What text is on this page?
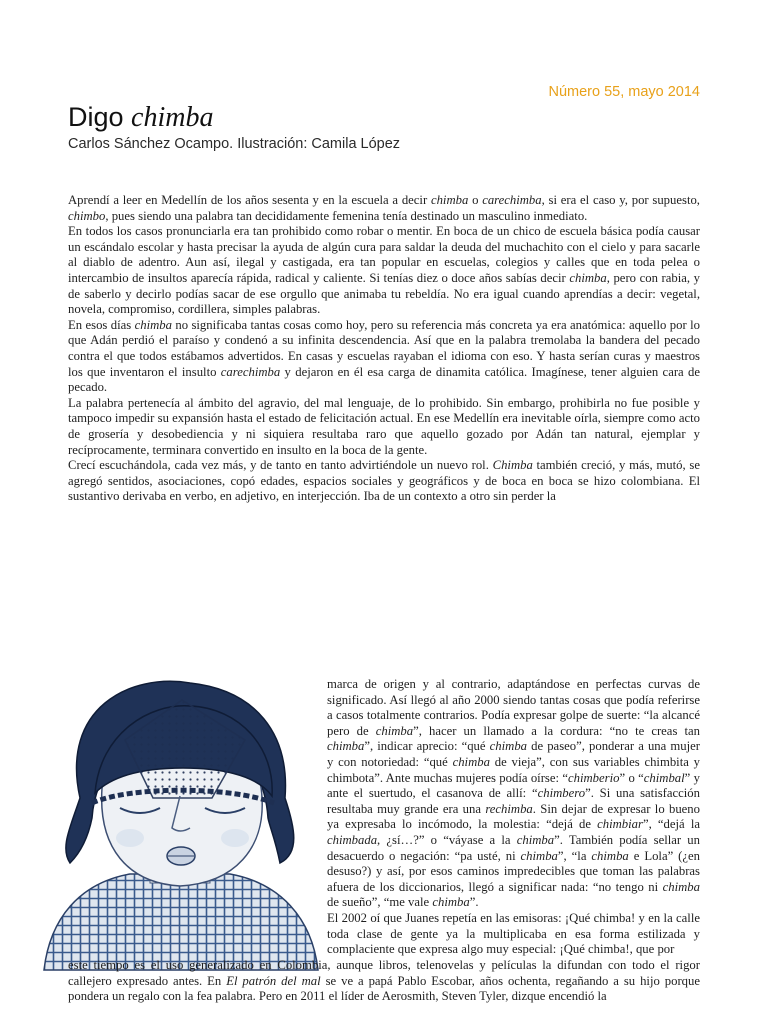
Número 55, mayo 2014
Digo chimba
Carlos Sánchez Ocampo. Ilustración: Camila López

Aprendí a leer en Medellín de los años sesenta y en la escuela a decir chimba o carechimba, si era el caso y, por supuesto, chimbo, pues siendo una palabra tan decididamente femenina tenía destinado un masculino inmediato.

En todos los casos pronunciarla era tan prohibido como robar o mentir. En boca de un chico de escuela básica podía causar un escándalo escolar y hasta precisar la ayuda de algún cura para saldar la deuda del muchachito con el cielo y para sacarle al diablo de adentro. Aun así, ilegal y castigada, era tan popular en escuelas, colegios y calles que en toda pelea o intercambio de insultos aparecía rápida, radical y caliente. Si tenías diez o doce años sabías decir chimba, pero con rabia, y de saberlo y decirlo podías sacar de ese orgullo que animaba tu rebeldía. No era igual cuando aprendías a decir: vegetal, novela, compromiso, cordillera, simples palabras.

En esos días chimba no significaba tantas cosas como hoy, pero su referencia más concreta ya era anatómica: aquello por lo que Adán perdió el paraíso y condenó a su infinita descendencia. Así que en la palabra tremolaba la bandera del pecado contra el que todos estábamos advertidos. En casas y escuelas rayaban el idioma con eso. Y hasta serían curas y maestros los que inventaron el insulto carechimba y dejaron en él esa carga de dinamita católica. Imagínese, tener alguien cara de pecado.

La palabra pertenecía al ámbito del agravio, del mal lenguaje, de lo prohibido. Sin embargo, prohibirla no fue posible y tampoco impedir su expansión hasta el estado de felicitación actual. En ese Medellín era inevitable oírla, siempre como acto de grosería y desobediencia y ni siquiera resultaba raro que aquello gozado por Adán tan natural, ejemplar y recíprocamente, terminara convertido en insulto en la boca de la gente.

Crecí escuchándola, cada vez más, y de tanto en tanto advirtiéndole un nuevo rol. Chimba también creció, y más, mutó, se agregó sentidos, asociaciones, copó edades, espacios sociales y geográficos y de boca en boca se hizo colombiana. El sustantivo derivaba en verbo, en adjetivo, en interjección. Iba de un contexto a otro sin perder la

marca de origen y al contrario, adaptándose en perfectas curvas de significado. Así llegó al año 2000 siendo tantas cosas que podía referirse a casos totalmente contrarios. Podía expresar golpe de suerte: “la alcancé pero de chimba”, hacer un llamado a la cordura: “no te creas tan chimba”, indicar aprecio: “qué chimba de paseo”, ponderar a una mujer y con notoriedad: “qué chimba de vieja”, con sus variables chimbita y chimbota”. Ante muchas mujeres podía oírse: “chimberio” o “chimbal” y ante el suertudo, el casanova de allí: “chimbero”. Si una satisfacción resultaba muy grande era una rechimba. Sin dejar de expresar lo bueno ya expresaba lo incómodo, la molestia: “dejá de chimbiar”, “dejá la chimbada, ¿sí…?” o “váyase a la chimba”. También podía sellar un desacuerdo o negación: “pa usté, ni chimba”, “la chimba e Lola” (¿en desuso?) y así, por esos caminos impredecibles que toman las palabras afuera de los diccionarios, llegó a significar nada: “no tengo ni chimba de sueño”, “me vale chimba”.

El 2002 oí que Juanes repetía en las emisoras: ¡Qué chimba! y en la calle toda clase de gente ya la multiplicaba en esa forma estilizada y complaciente que expresa algo muy especial: ¡Qué chimba!, que por

este tiempo es el uso generalizado en Colombia, aunque libros, telenovelas y películas la difundan con todo el rigor callejero expresado antes. En El patrón del mal se ve a papá Pablo Escobar, años ochenta, regañando a su hijo porque pondera un regalo con la fea palabra. Pero en 2011 el líder de Aerosmith, Steven Tyler, dizque encendió la
